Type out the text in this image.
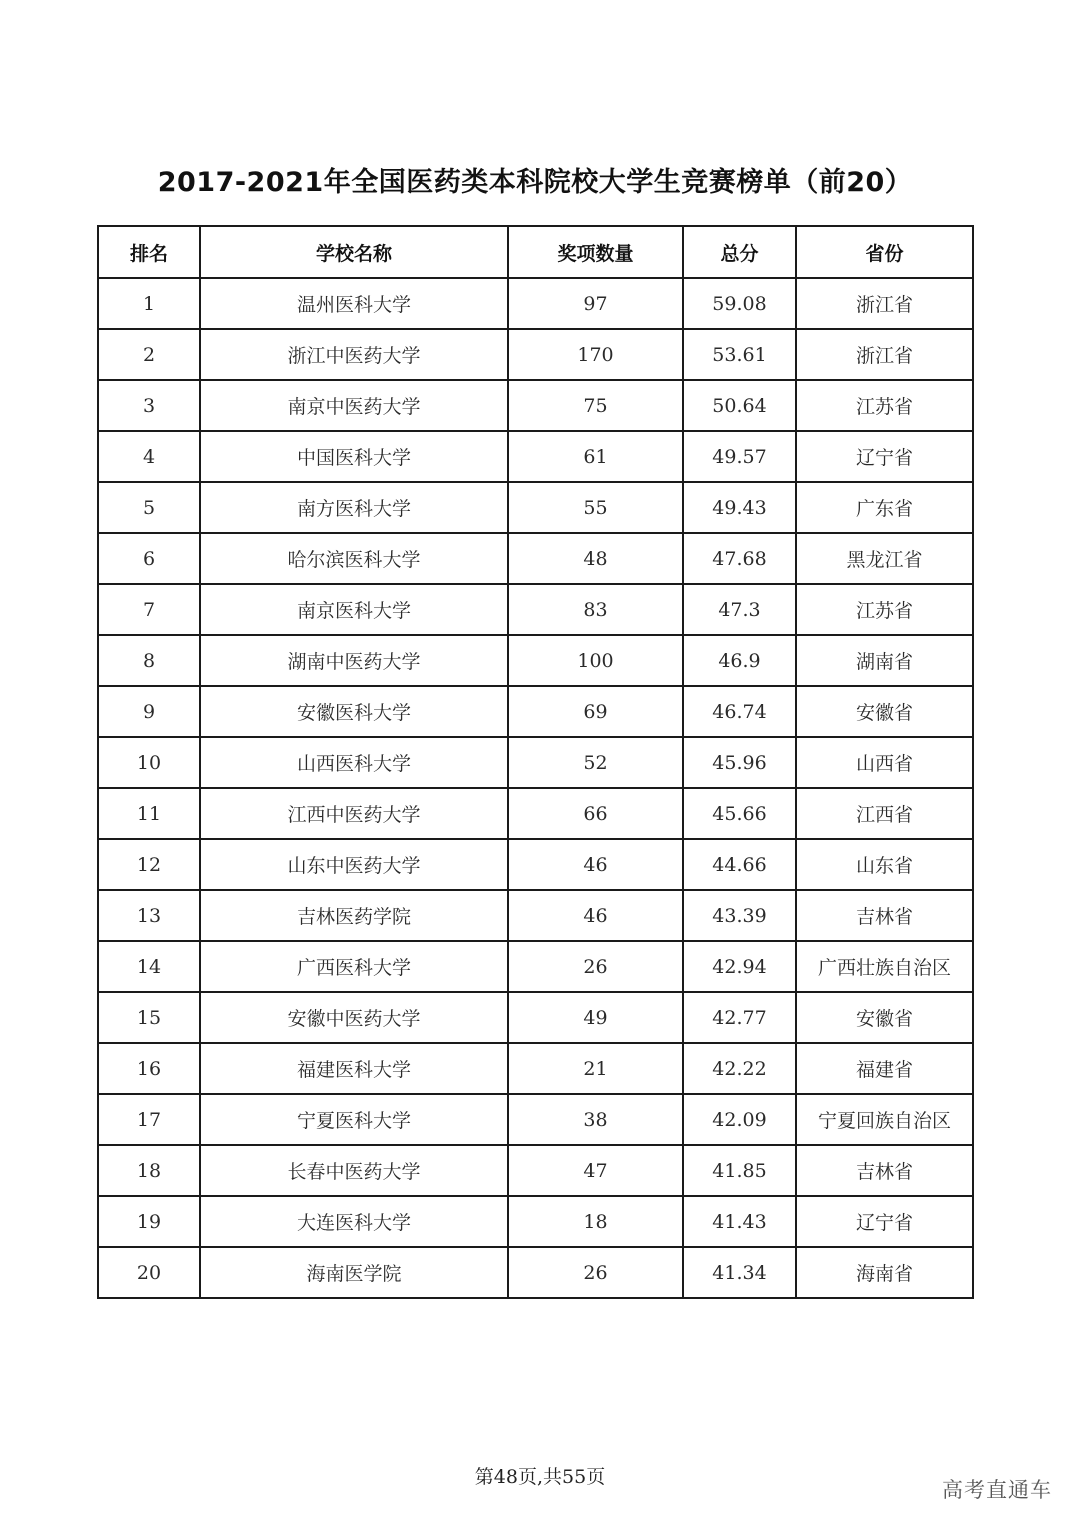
2017-2021年全国医药类本科院校大学生竞赛榜单（前20）
排名	学校名称	奖项数量	总分	省份
1	温州医科大学	97	59.08	浙江省
2	浙江中医药大学	170	53.61	浙江省
3	南京中医药大学	75	50.64	江苏省
4	中国医科大学	61	49.57	辽宁省
5	南方医科大学	55	49.43	广东省
6	哈尔滨医科大学	48	47.68	黑龙江省
7	南京医科大学	83	47.3	江苏省
8	湖南中医药大学	100	46.9	湖南省
9	安徽医科大学	69	46.74	安徽省
10	山西医科大学	52	45.96	山西省
11	江西中医药大学	66	45.66	江西省
12	山东中医药大学	46	44.66	山东省
13	吉林医药学院	46	43.39	吉林省
14	广西医科大学	26	42.94	广西壮族自治区
15	安徽中医药大学	49	42.77	安徽省
16	福建医科大学	21	42.22	福建省
17	宁夏医科大学	38	42.09	宁夏回族自治区
18	长春中医药大学	47	41.85	吉林省
19	大连医科大学	18	41.43	辽宁省
20	海南医学院	26	41.34	海南省
第48页,共55页
高考直通车
